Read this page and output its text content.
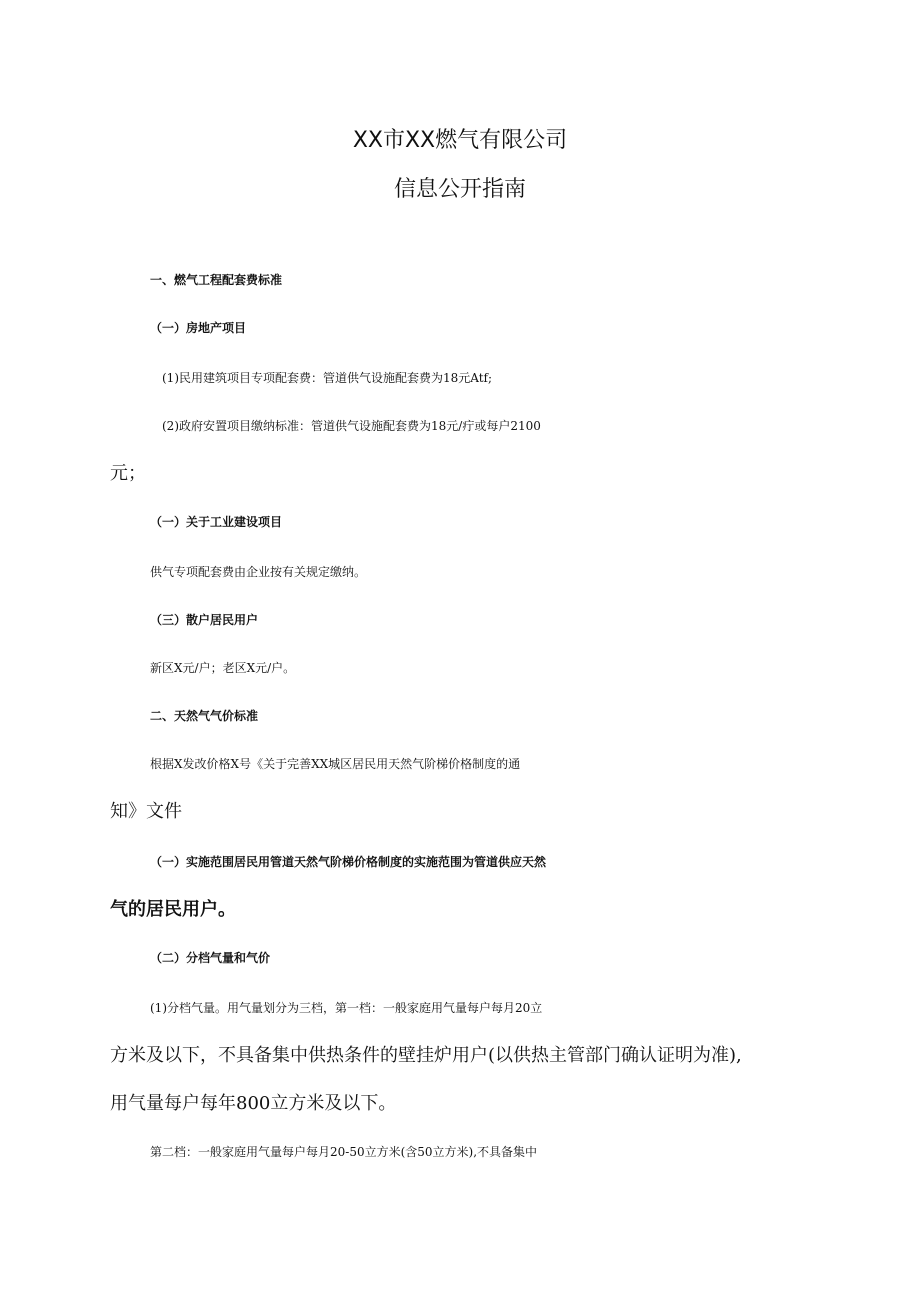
XX市XX燃气有限公司
信息公开指南
一、燃气工程配套费标准
（一）房地产项目
(1)民用建筑项目专项配套费：管道供气设施配套费为18元Atf;
(2)政府安置项目缴纳标准：管道供气设施配套费为18元/疔或每户2100
元；
（一）关于工业建设项目
供气专项配套费由企业按有关规定缴纳。
（三）散户居民用户
新区X元/户；老区X元/户。
二、天然气气价标准
根据X发改价格X号《关于完善XX城区居民用天然气阶梯价格制度的通
知》文件
（一）实施范围居民用管道天然气阶梯价格制度的实施范围为管道供应天然
气的居民用户。
（二）分档气量和气价
(1)分档气量。用气量划分为三档，第一档：一般家庭用气量每户每月20立
方米及以下，不具备集中供热条件的壁挂炉用户(以供热主管部门确认证明为准),
用气量每户每年800立方米及以下。
第二档：一般家庭用气量每户每月20-50立方米(含50立方米),不具备集中
